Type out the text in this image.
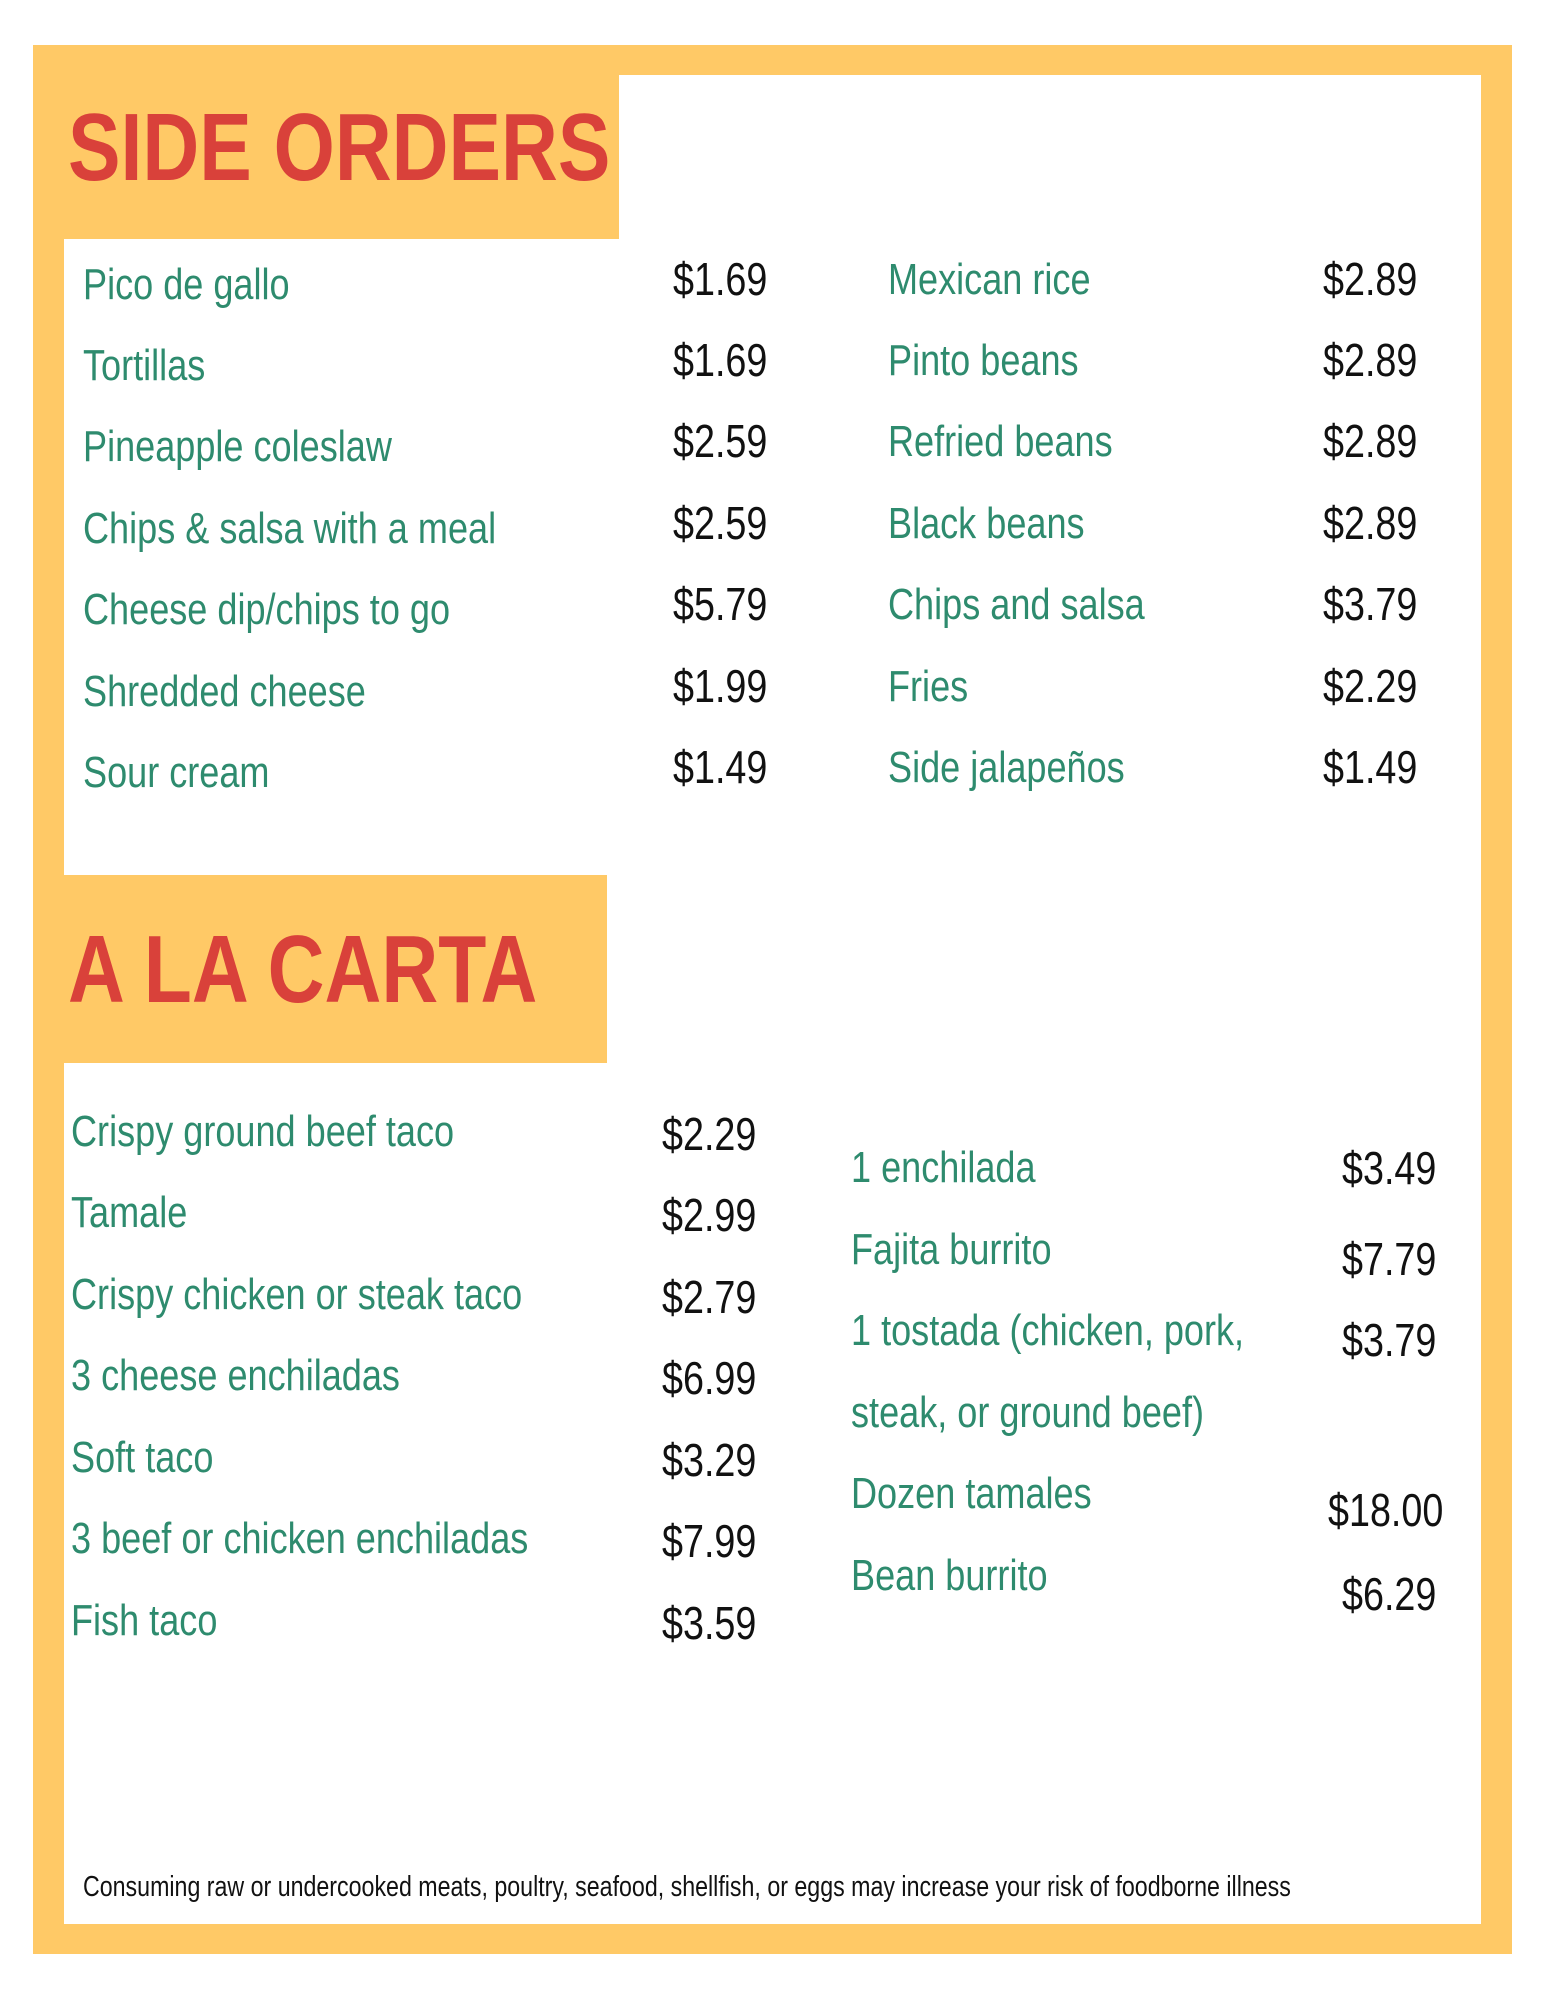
SIDE ORDERS
Pico de gallo	$1.69
Tortillas	$1.69
Pineapple coleslaw	$2.59
Chips & salsa with a meal	$2.59
Cheese dip/chips to go	$5.79
Shredded cheese	$1.99
Sour cream	$1.49
Mexican rice	$2.89
Pinto beans	$2.89
Refried beans	$2.89
Black beans	$2.89
Chips and salsa	$3.79
Fries	$2.29
Side jalapeños	$1.49
A LA CARTA
Crispy ground beef taco	$2.29
Tamale	$2.99
Crispy chicken or steak taco	$2.79
3 cheese enchiladas	$6.99
Soft taco	$3.29
3 beef or chicken enchiladas	$7.99
Fish taco	$3.59
1 enchilada	$3.49
Fajita burrito	$7.79
1 tostada (chicken, pork,
steak, or ground beef)
$3.79
Dozen tamales	$18.00
Bean burrito	$6.29
Consuming raw or undercooked meats, poultry, seafood, shellfish, or eggs may increase your risk of foodborne illness
